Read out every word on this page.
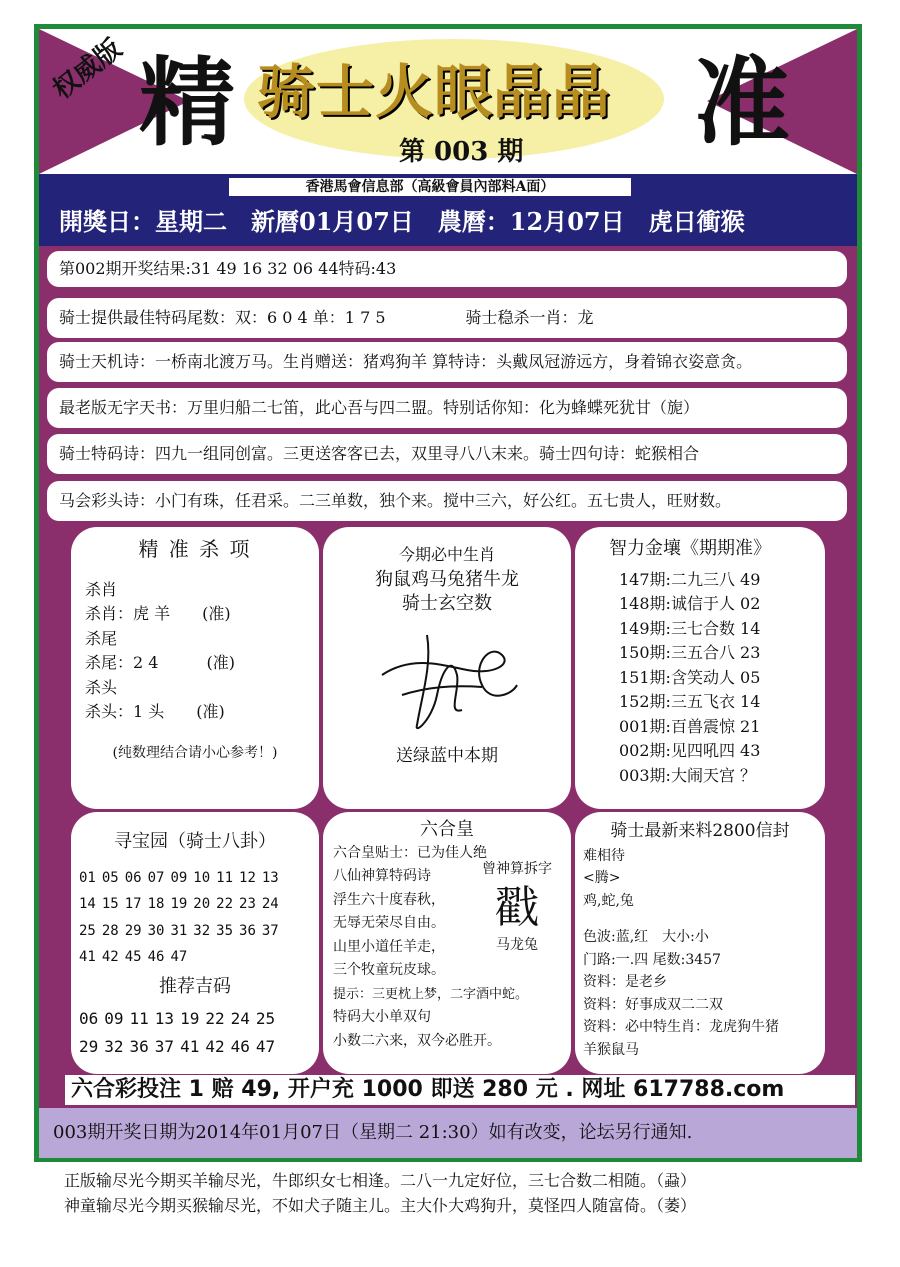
权威版 精 骑士火眼晶晶
第 003 期 准
香港馬會信息部（高級會員內部料A面）
開獎日：星期二　新曆01月07日　農曆：12月07日　虎日衝猴
第002期开奖结果:31 49 16 32 06 44特码:43
骑士提供最佳特码尾数：双：6 0 4 单：1 7 5　　　　　骑士稳杀一肖：龙
骑士天机诗：一桥南北渡万马。生肖赠送：猪鸡狗羊 算特诗：头戴凤冠游远方，身着锦衣姿意贪。
最老版无字天书：万里归船二七笛，此心吾与四二盟。特别话你知：化为蜂蝶死犹甘（旎）
骑士特码诗：四九一组同创富。三更送客客已去，双里寻八八末来。骑士四句诗：蛇猴相合
马会彩头诗：小门有珠，任君采。二三单数，独个来。搅中三六，好公红。五七贵人，旺财数。
精 准 杀 项
杀肖
杀肖：虎 羊　　(准)
杀尾
杀尾：2 4　　　(准)
杀头
杀头：1 头　　(准)
(纯数理结合请小心参考！)
今期必中生肖
狗鼠鸡马兔猪牛龙
骑士玄空数
送绿蓝中本期
智力金壤《期期准》
147期:二九三八 49
148期:诚信于人 02
149期:三七合数 14
150期:三五合八 23
151期:含笑动人 05
152期:三五飞衣 14
001期:百兽震惊 21
002期:见四吼四 43
003期:大闹天宫 ？
寻宝园（骑士八卦）
01 05 06 07 09 10 11 12 13
14 15 17 18 19 20 22 23 24
25 28 29 30 31 32 35 36 37
41 42 45 46 47
推荐吉码
06 09 11 13 19 22 24 25
29 32 36 37 41 42 46 47
六合皇
六合皇贴士：已为佳人绝
八仙神算特码诗
浮生六十度春秋，
无辱无荣尽自由。
山里小道任羊走，
三个牧童玩皮球。
提示：三更枕上梦，二字酒中蛇。
特码大小单双句
小数二六来，双今必胜开。
曾神算拆字
戳
马龙兔
骑士最新来料2800信封
难相待
<腾>
鸡,蛇,兔
色波:蓝,红　大小:小
门路:一.四 尾数:3457
资料：是老乡
资料：好事成双二二双
资料：必中特生肖：龙虎狗牛猪
羊猴鼠马
六合彩投注 1 赔 49, 开户充 1000 即送 280 元 . 网址 617788.com
003期开奖日期为2014年01月07日（星期二 21:30）如有改变，论坛另行通知.
正版输尽光今期买羊输尽光，牛郎织女七相逢。二八一九定好位，三七合数二相随。（蝨）
神童输尽光今期买猴输尽光，不如犬子随主儿。主大仆大鸡狗升，莫怪四人随富倚。（萎）
